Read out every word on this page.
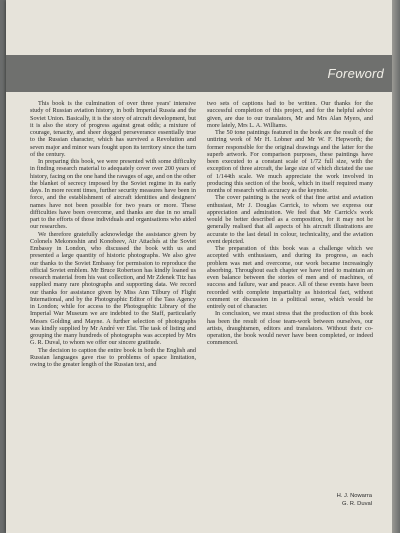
Foreword

This book is the culmination of over three years' intensive study of Russian aviation history, in both Imperial Russia and the Soviet Union. Basically, it is the story of aircraft development, but it is also the story of progress against great odds; a mixture of courage, tenacity, and sheer dogged perseverance essentially true to the Russian character, which has survived a Revolution and seven major and minor wars fought upon its territory since the turn of the century.

In preparing this book, we were presented with some difficulty in finding research material to adequately cover over 200 years of history, facing on the one hand the ravages of age, and on the other the blanket of secrecy imposed by the Soviet regime in its early days. In more recent times, further security measures have been in force, and the establishment of aircraft identities and designers' names have not been possible for two years or more. These difficulties have been overcome, and thanks are due in no small part to the efforts of those individuals and organisations who aided our researches.

We therefore gratefully acknowledge the assistance given by Colonels Mekonoshin and Konobeev, Air Attachés at the Soviet Embassy in London, who discussed the book with us and presented a large quantity of historic photographs. We also give our thanks to the Soviet Embassy for permission to reproduce the official Soviet emblem. Mr Bruce Robertson has kindly loaned us research material from his vast collection, and Mr Zdenek Titz has supplied many rare photographs and supporting data. We record our thanks for assistance given by Miss Ann Tilbury of Flight International, and by the Photographic Editor of the Tass Agency in London; while for access to the Photographic Library of the Imperial War Museum we are indebted to the Staff, particularly Messrs Golding and Mayne. A further selection of photographs was kindly supplied by Mr André ver Elst. The task of listing and grouping the many hundreds of photographs was accepted by Mrs G. R. Duval, to whom we offer our sincere gratitude.

The decision to caption the entire book in both the English and Russian languages gave rise to problems of space limitation, owing to the greater length of the Russian text, and

two sets of captions had to be written. Our thanks for the successful completion of this project, and for the helpful advice given, are due to our translators, Mr and Mrs Alan Myers, and more lately, Mrs L. A. Williams.

The 50 tone paintings featured in the book are the result of the untiring work of Mr H. Lobner and Mr W. F. Hepworth; the former responsible for the original drawings and the latter for the superb artwork. For comparison purposes, these paintings have been executed to a constant scale of 1/72 full size, with the exception of three aircraft, the large size of which dictated the use of 1/144th scale. We much appreciate the work involved in producing this section of the book, which in itself required many months of research with accuracy as the keynote.

The cover painting is the work of that fine artist and aviation enthusiast, Mr J. Douglas Carrick, to whom we express our appreciation and admiration. We feel that Mr Carrick's work would be better described as a composition, for it may not be generally realised that all aspects of his aircraft illustrations are accurate to the last detail in colour, technicality, and the aviation event depicted.

The preparation of this book was a challenge which we accepted with enthusiasm, and during its progress, as each problem was met and overcome, our work became increasingly absorbing. Throughout each chapter we have tried to maintain an even balance between the stories of men and of machines, of success and failure, war and peace. All of these events have been recorded with complete impartiality as historical fact, without comment or discussion in a political sense, which would be entirely out of character.

In conclusion, we must stress that the production of this book has been the result of close team-work between ourselves, our artists, draughtsmen, editors and translators. Without their co-operation, the book would never have been completed, or indeed commenced.

H. J. Nowarra
G. R. Duval
